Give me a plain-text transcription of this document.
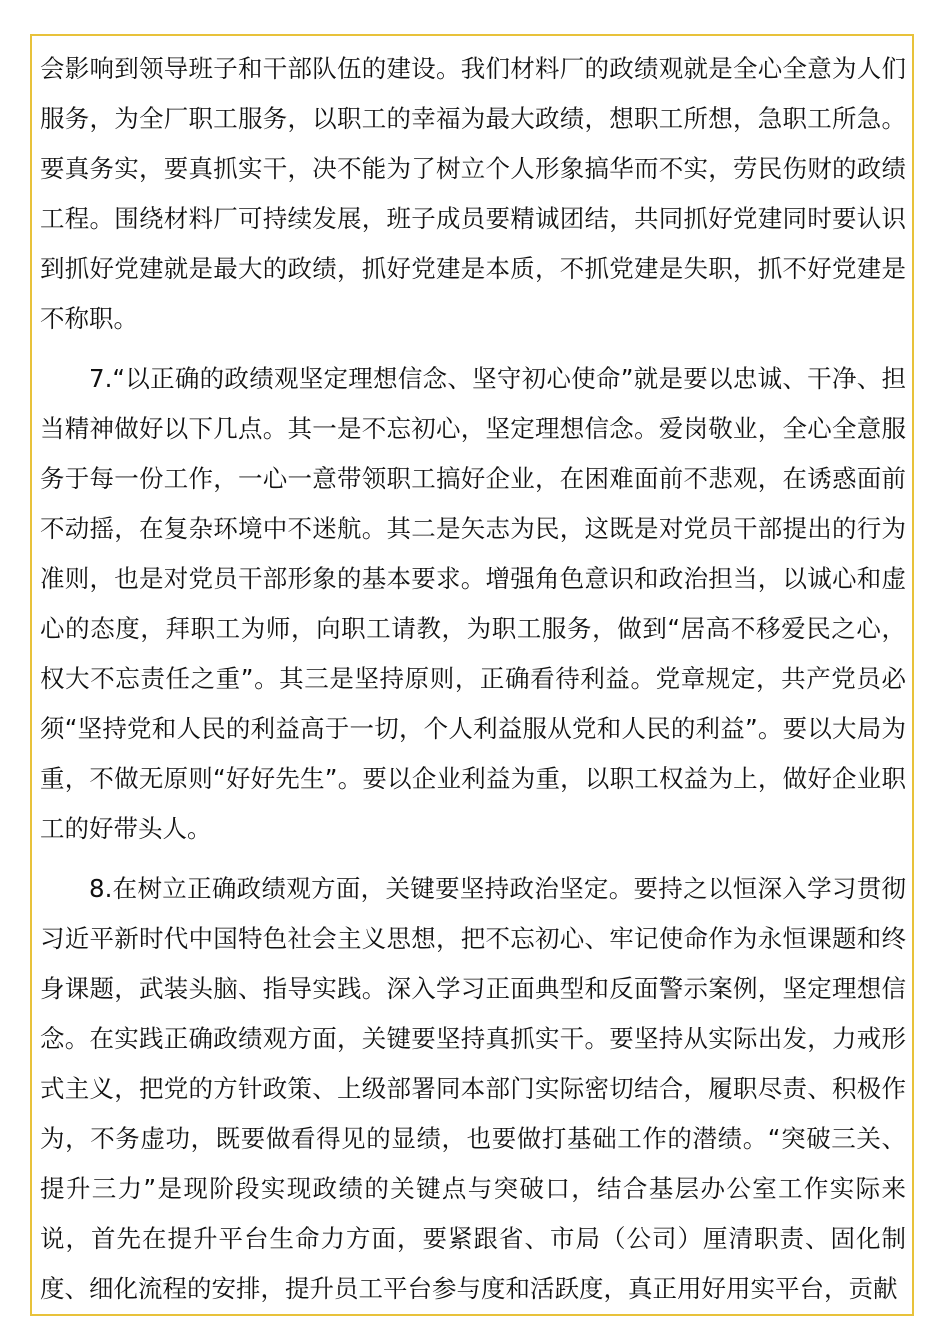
会影响到领导班子和干部队伍的建设。我们材料厂的政绩观就是全心全意为人们服务，为全厂职工服务，以职工的幸福为最大政绩，想职工所想，急职工所急。要真务实，要真抓实干，决不能为了树立个人形象搞华而不实，劳民伤财的政绩工程。围绕材料厂可持续发展，班子成员要精诚团结，共同抓好党建同时要认识到抓好党建就是最大的政绩，抓好党建是本质，不抓党建是失职，抓不好党建是不称职。

7.“以正确的政绩观坚定理想信念、坚守初心使命”就是要以忠诚、干净、担当精神做好以下几点。其一是不忘初心，坚定理想信念。爱岗敬业，全心全意服务于每一份工作，一心一意带领职工搞好企业，在困难面前不悲观，在诱惑面前不动摇，在复杂环境中不迷航。其二是矢志为民，这既是对党员干部提出的行为准则，也是对党员干部形象的基本要求。增强角色意识和政治担当，以诚心和虚心的态度，拜职工为师，向职工请教，为职工服务，做到“居高不移爱民之心，权大不忘责任之重”。其三是坚持原则，正确看待利益。党章规定，共产党员必须“坚持党和人民的利益高于一切，个人利益服从党和人民的利益”。要以大局为重，不做无原则“好好先生”。要以企业利益为重，以职工权益为上，做好企业职工的好带头人。

8.在树立正确政绩观方面，关键要坚持政治坚定。要持之以恒深入学习贯彻习近平新时代中国特色社会主义思想，把不忘初心、牢记使命作为永恒课题和终身课题，武装头脑、指导实践。深入学习正面典型和反面警示案例，坚定理想信念。在实践正确政绩观方面，关键要坚持真抓实干。要坚持从实际出发，力戒形式主义，把党的方针政策、上级部署同本部门实际密切结合，履职尽责、积极作为，不务虚功，既要做看得见的显绩，也要做打基础工作的潜绩。“突破三关、提升三力”是现阶段实现政绩的关键点与突破口，结合基层办公室工作实际来说，首先在提升平台生命力方面，要紧跟省、市局（公司）厘清职责、固化制度、细化流程的安排，提升员工平台参与度和活跃度，真正用好用实平台，贡献
